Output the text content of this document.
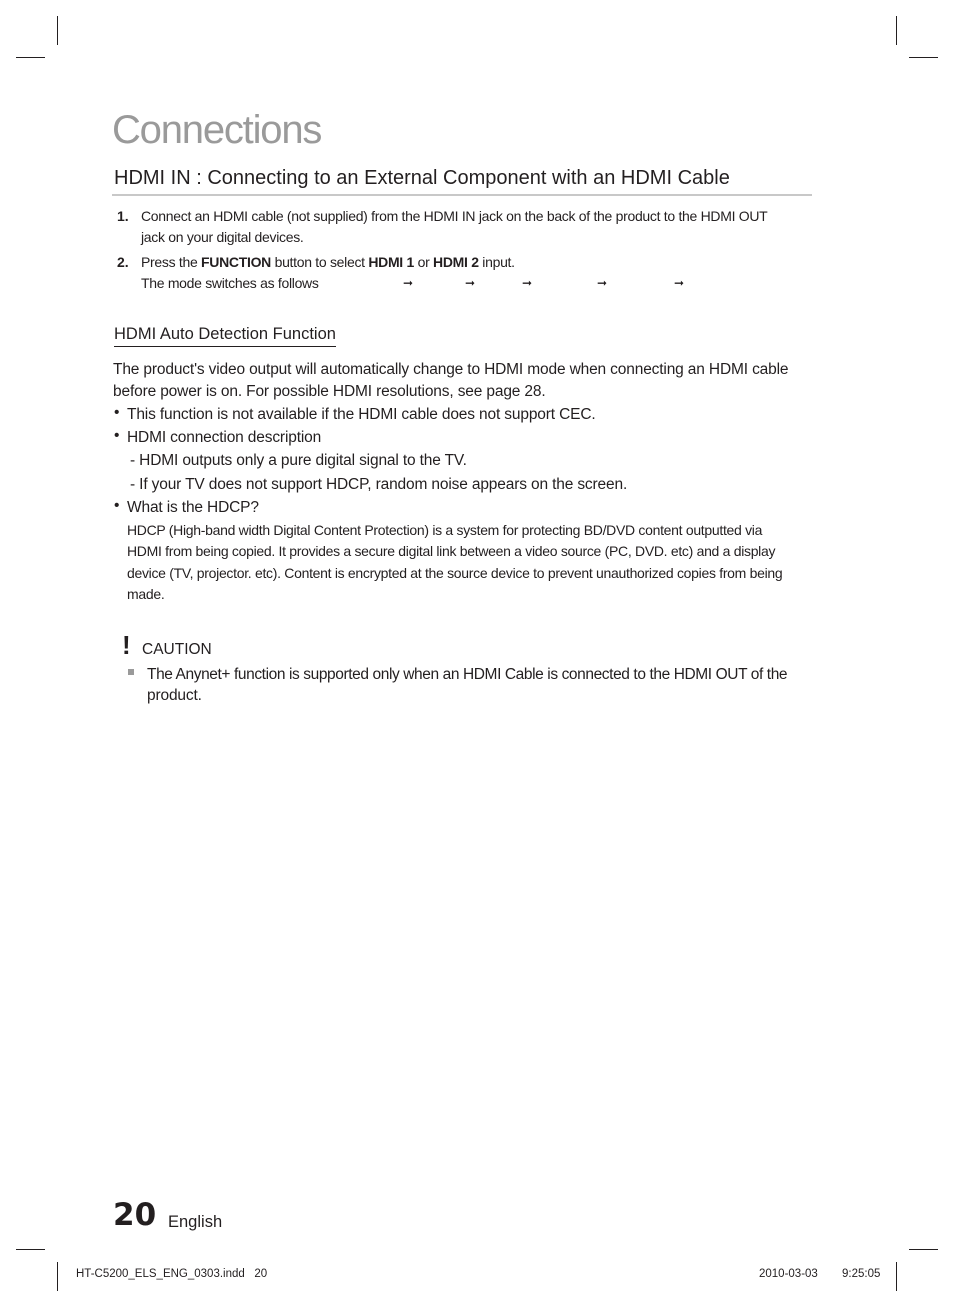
Connections
HDMI IN : Connecting to an External Component with an HDMI Cable
1. Connect an HDMI cable (not supplied) from the HDMI IN jack on the back of the product to the HDMI OUT
jack on your digital devices.
2. Press the FUNCTION button to select HDMI 1 or HDMI 2 input.
The mode switches as follows	➞	➞	➞	➞	➞
HDMI Auto Detection Function
The product's video output will automatically change to HDMI mode when connecting an HDMI cable
before power is on. For possible HDMI resolutions, see page 28.
• This function is not available if the HDMI cable does not support CEC.
• HDMI connection description
- HDMI outputs only a pure digital signal to the TV.
- If your TV does not support HDCP, random noise appears on the screen.
• What is the HDCP?
HDCP (High-band width Digital Content Protection) is a system for protecting BD/DVD content outputted via
HDMI from being copied. It provides a secure digital link between a video source (PC, DVD. etc) and a display
device (TV, projector. etc). Content is encrypted at the source device to prevent unauthorized copies from being
made.
! CAUTION
The Anynet+ function is supported only when an HDMI Cable is connected to the HDMI OUT of the
product.
20 English
HT-C5200_ELS_ENG_0303.indd   20	2010-03-03 9:25:05
